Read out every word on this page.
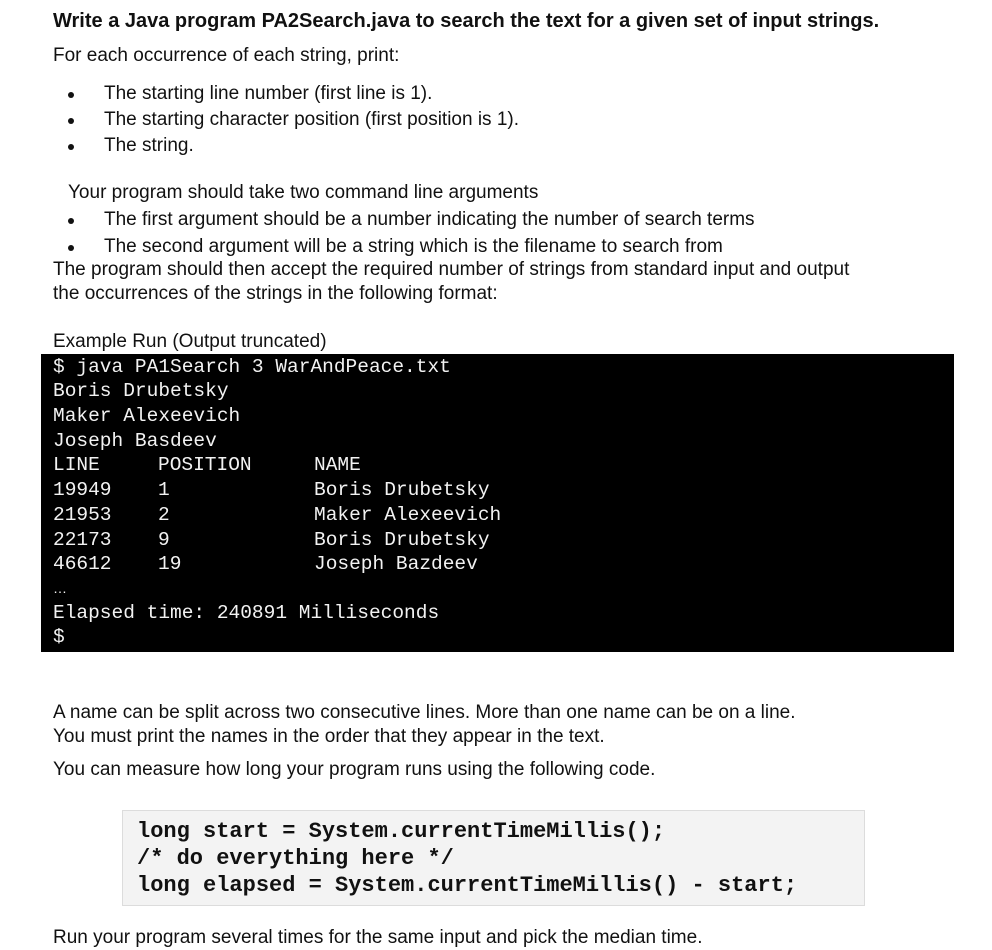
Write a Java program PA2Search.java to search the text for a given set of input strings.
For each occurrence of each string, print:
The starting line number (first line is 1).
The starting character position (first position is 1).
The string.
Your program should take two command line arguments
The first argument should be a number indicating the number of search terms
The second argument will be a string which is the filename to search from
The program should then accept the required number of strings from standard input and output
the occurrences of the strings in the following format:
Example Run (Output truncated)
$ java PA1Search 3 WarAndPeace.txt
Boris Drubetsky
Maker Alexeevich
Joseph Basdeev
LINE	POSITION	NAME
19949 1	Boris Drubetsky
21953 2	Maker Alexeevich
22173 9	Boris Drubetsky
46612 19	Joseph Bazdeev
…
Elapsed time: 240891 Milliseconds
$
A name can be split across two consecutive lines. More than one name can be on a line.
You must print the names in the order that they appear in the text.
You can measure how long your program runs using the following code.
long start = System.currentTimeMillis();
/* do everything here */
long elapsed = System.currentTimeMillis() - start;
Run your program several times for the same input and pick the median time.
